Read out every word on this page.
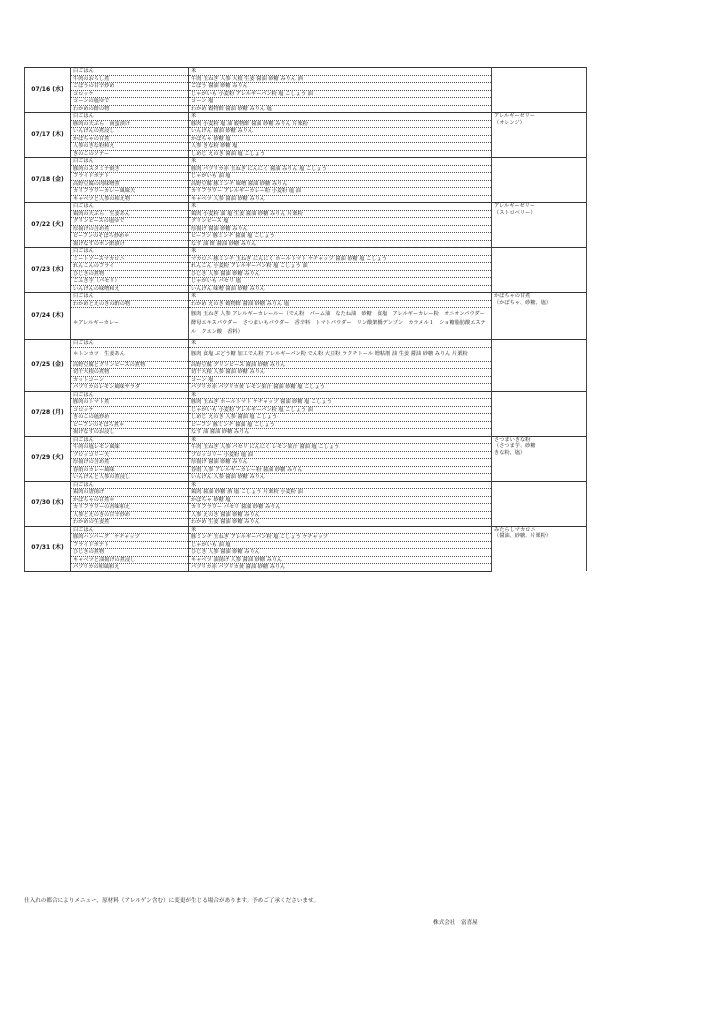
07/16 (水)	白ごはん	米	
	牛肉のおろし煮	牛肉 玉ねぎ 人参 大根 生姜 醤油 砂糖 みりん 酒	
	ごぼうの甘辛炒め	ごぼう 醤油 砂糖 みりん	
	コロッケ	じゃがいも 小麦粉 アレルギーパン粉 塩 こしょう 油	
	コーンの塩ゆで	コーン 塩	
	わかめの酢の物	わかめ 穀物酢 醤油 砂糖 みりん 塩	
07/17 (木)	白ごはん	米	アレルギーゼリー
（オレンジ）

	豚肉の天ぷら　南蛮漬け	豚肉 小麦粉 塩 油 穀物酢 醤油 砂糖 みりん 片栗粉	
	いんげんの煮浸し	いんげん 醤油 砂糖 みりん	
	かぼちゃの甘煮	かぼちゃ 砂糖 塩	
	人参のきな粉和え	人参 きな粉 砂糖 塩	
	きのこのソテー	しめじ えのき 醤油 塩 こしょう	
07/18 (金)	白ごはん	米	
	豚肉のスタミナ焼き	豚肉 パプリカ赤 玉ねぎ にんにく 醤油 みりん 塩 こしょう	
	フライドポテト	じゃがいも 油 塩	
	高野豆腐の肉味噌煮	高野豆腐 豚ミンチ 味噌 醤油 砂糖 みりん	
	カリフラワーカレー風味天	カリフラワー アレルギーカレー粉 小麦粉 塩 油	
	キャベツと人参の和え物	キャベツ 人参 醤油 砂糖 みりん	
07/22 (火)	白ごはん	米	アレルギーゼリー
（ストロベリー）

	鶏肉の天ぷら　生姜あん	鶏肉 小麦粉 油 塩 生姜 醤油 砂糖 みりん 片栗粉	
	グリンピースの塩ゆで	グリンピース 塩	
	厚揚げの含め煮	厚揚げ 醤油 砂糖 みりん	
	ビーフンのそぼろ炒め＊	ビーフン 豚ミンチ 醤油 塩 こしょう	
	揚げなすのポン酢漬け	なす 油 酢 醤油 砂糖 みりん	
07/23 (水)	白ごはん	米	
	ミートソースマカロニ	マカロニ 豚ミンチ 玉ねぎ にんにく ホールトマト ケチャップ 醤油 砂糖 塩 こしょう	
	れんこんのフライ	れんこん 小麦粉 アレルギーパン粉 塩 こしょう 油	
	ひじきの煮物	ひじき 人参 醤油 砂糖 みりん	
	こふき芋（パセリ）	じゃがいも パセリ 塩	
	いんげんの味噌和え	いんげん 味噌 醤油 砂糖 みりん	
07/24 (木)	白ごはん	米	かぼちゃの甘煮
（かぼちゃ、砂糖、塩）

	わかめとえのきの酢の物	わかめ えのき 穀物酢 醤油 砂糖 みりん 塩	
	＊アレルギーカレー	豚肉 玉ねぎ 人参 アレルギーカレールー（でん粉　パーム油　なたね油　砂糖　食塩　アレルギーカレー粉　オニオンパウダー　酵母エキスパウダー　さつまいもパウダー　香辛料　トマトパウダー　リン酸架橋デンプン　カラメル１　ショ糖脂肪酸エステル　クエン酸　香料）	
07/25 (金)	白ごはん	米	
	＊トンカツ　生姜あん	豚肉 食塩 ぶどう糖 加工でん粉 アレルギーパン粉 でん粉 大豆粉 ラクチトール 増粘剤 油 生姜 醤油 砂糖 みりん 片栗粉	
	高野豆腐とグリンピースの煮物	高野豆腐 グリンピース 醤油 砂糖 みりん	
	切干大根の煮物	切干大根 人参 醤油 砂糖 みりん	
	カットコーン	コーン 塩	
	パプリカのレモン風味サラダ	パプリカ赤 パプリカ黄 レモン果汁 醤油 砂糖 塩 こしょう	
07/28 (月)	白ごはん	米	
	豚肉のトマト煮	豚肉 玉ねぎ ホールトマト ケチャップ 醤油 砂糖 塩 こしょう	
	コロッケ	じゃがいも 小麦粉 アレルギーパン粉 塩 こしょう 油	
	きのこの塩炒め	しめじ えのき 人参 醤油 塩 こしょう	
	ビーフンのそぼろ煮＊	ビーフン 豚ミンチ 醤油 塩 こしょう	
	揚げなすのお浸し	なす 油 醤油 砂糖 みりん	
07/29 (火)	白ごはん	米	さつまいきな粉
（さつま芋、砂糖
きな粉、塩）

	牛肉の塩レモン風味	牛肉 玉ねぎ 人参 パセリ にんにく レモン果汁 醤油 塩 こしょう	
	ブロッコリー天	ブロッコリー 小麦粉 塩 油	
	厚揚げの含め煮	厚揚げ 醤油 砂糖 みりん	
	春雨のカレー風味	春雨 人参 アレルギーカレー粉 醤油 砂糖 みりん	
	いんげんと人参の煮浸し	いんげん 人参 醤油 砂糖 みりん	
07/30 (水)	白ごはん	米	
	鶏肉の唐揚げ	鶏肉 醤油 砂糖 酒 塩 こしょう 片栗粉 小麦粉 油	
	かぼちゃの甘煮＊	かぼちゃ 砂糖 塩	
	カリフラワーの香味和え	カリフラワー パセリ 醤油 砂糖 みりん	
	人参とえのきの甘辛炒め	人参 えのき 醤油 砂糖 みりん	
	わかめの生姜煮	わかめ 生姜 醤油 砂糖 みりん	
07/31 (木)	白ごはん	米	みたらしマカロニ
（醤油、砂糖、片栗粉）

	豚肉ハンバーグ　ケチャップ	豚ミンチ 玉ねぎ アレルギーパン粉 塩 こしょう ケチャップ	
	フライドポテト	じゃがいも 油 塩	
	ひじきの煮物	ひじき 人参 醤油 砂糖 みりん	
	キャベツと油揚げの煮浸し	キャベツ 油揚げ 人参 醤油 砂糖 みりん	
	パプリカの和風和え	パプリカ赤 パプリカ黄 醤油 砂糖 みりん	
仕入れの都合によりメニュー、原材料（アレルゲン含む）に変更が生じる場合があります。予めご了承くださいませ。
株式会社　富喜屋
